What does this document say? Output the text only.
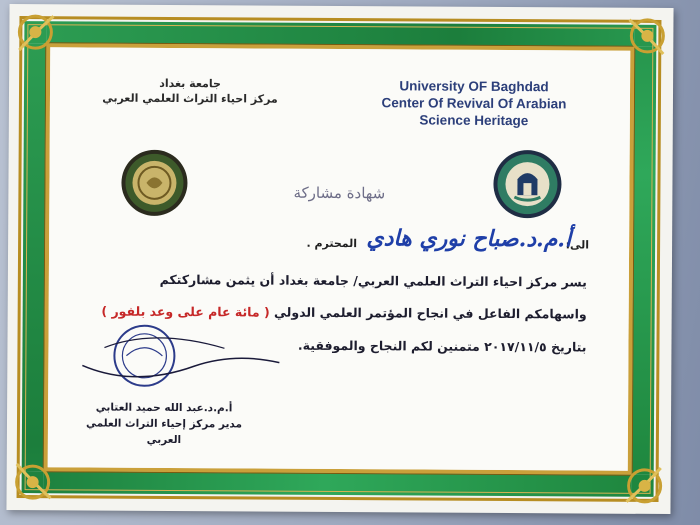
جامعة بغداد
مركز احياء التراث العلمي العربي
University OF Baghdad
Center Of Revival Of Arabian
Science Heritage
شهادة مشاركة
الى:
أ.م.د.صباح نوري هادي
المحترم .
يسر مركز احياء التراث العلمي العربي/ جامعة بغداد أن يثمن مشاركتكم
واسهامكم الفاعل في انجاح المؤتمر العلمي الدولي ( مائة عام على وعد بلفور )
بتاريخ ٢٠١٧/١١/٥ متمنين لكم النجاح والموفقية.
أ.م.د.عبد الله حميد العتابي
مدير مركز إحياء التراث العلمي العربي
